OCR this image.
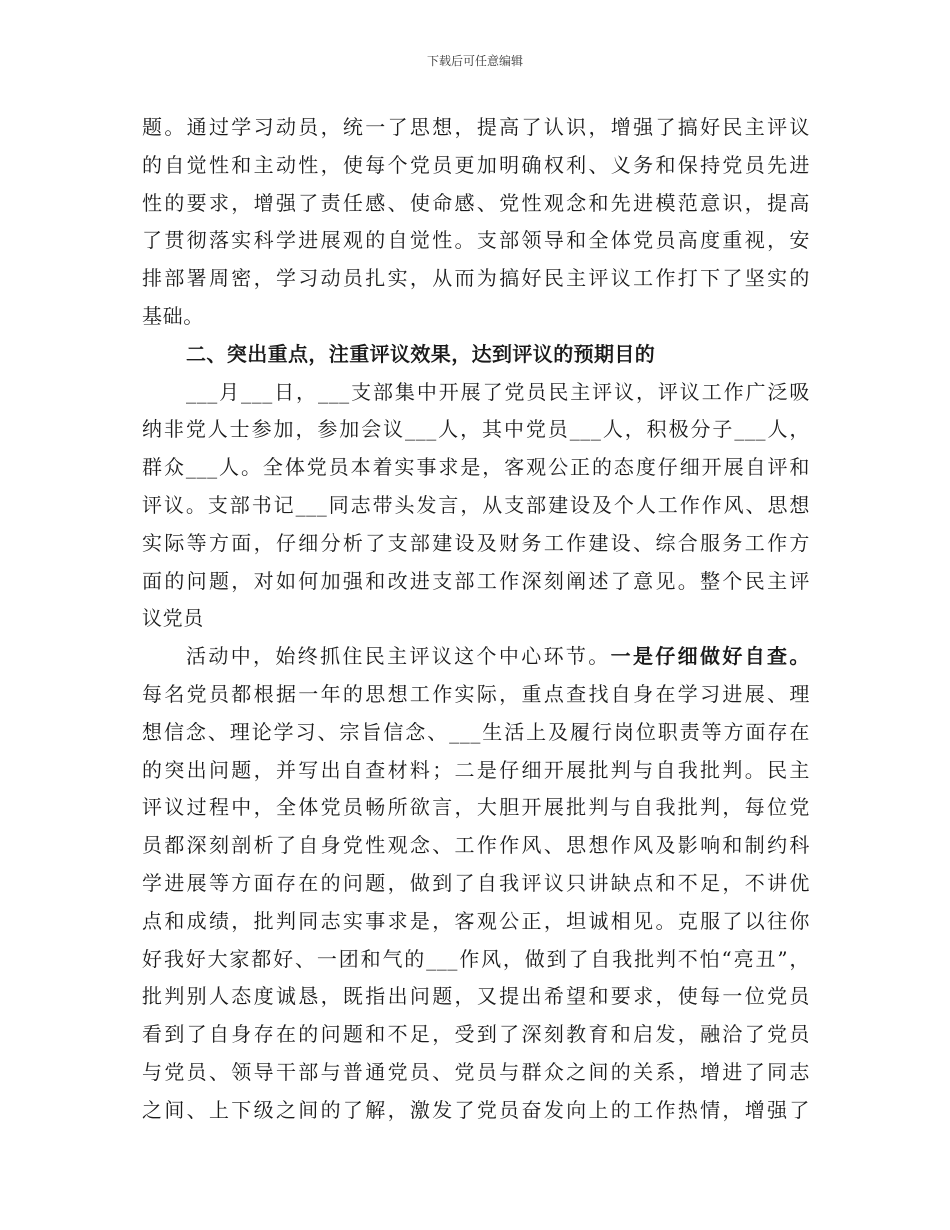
下载后可任意编辑
题。通过学习动员，统一了思想，提高了认识，增强了搞好民主评议
的自觉性和主动性，使每个党员更加明确权利、义务和保持党员先进
性的要求，增强了责任感、使命感、党性观念和先进模范意识，提高
了贯彻落实科学进展观的自觉性。支部领导和全体党员高度重视，安
排部署周密，学习动员扎实，从而为搞好民主评议工作打下了坚实的
基础。
二、突出重点，注重评议效果，达到评议的预期目的
___月___日，___支部集中开展了党员民主评议，评议工作广泛吸
纳非党人士参加，参加会议___人，其中党员___人，积极分子___人，
群众___人。全体党员本着实事求是，客观公正的态度仔细开展自评和
评议。支部书记___同志带头发言，从支部建设及个人工作作风、思想
实际等方面，仔细分析了支部建设及财务工作建设、综合服务工作方
面的问题，对如何加强和改进支部工作深刻阐述了意见。整个民主评
议党员
活动中，始终抓住民主评议这个中心环节。一是仔细做好自查。
每名党员都根据一年的思想工作实际，重点查找自身在学习进展、理
想信念、理论学习、宗旨信念、___生活上及履行岗位职责等方面存在
的突出问题，并写出自查材料；二是仔细开展批判与自我批判。民主
评议过程中，全体党员畅所欲言，大胆开展批判与自我批判，每位党
员都深刻剖析了自身党性观念、工作作风、思想作风及影响和制约科
学进展等方面存在的问题，做到了自我评议只讲缺点和不足，不讲优
点和成绩，批判同志实事求是，客观公正，坦诚相见。克服了以往你
好我好大家都好、一团和气的___作风，做到了自我批判不怕“亮丑”，
批判别人态度诚恳，既指出问题，又提出希望和要求，使每一位党员
看到了自身存在的问题和不足，受到了深刻教育和启发，融洽了党员
与党员、领导干部与普通党员、党员与群众之间的关系，增进了同志
之间、上下级之间的了解，激发了党员奋发向上的工作热情，增强了
